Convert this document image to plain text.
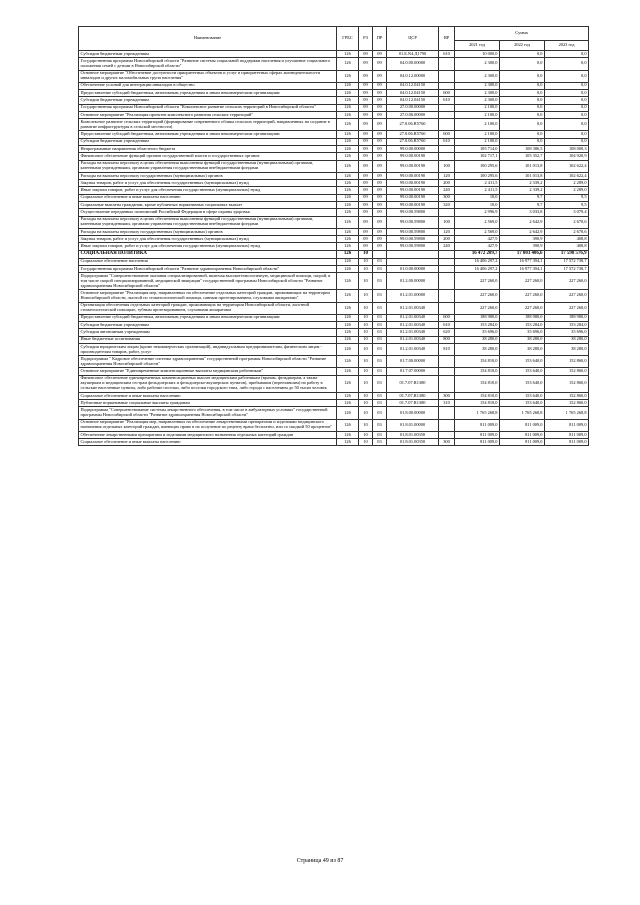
Наименование	ГРБС	РЗ	ПР	ЦСР	ВР	Сумма		
						2021 год	2022 год	2023 год
Субсидии бюджетным учреждениям	126	09	09	01.Б.N4.Д1790	610	10 000,0	0,0	0,0
Государственная программа Новосибирской области "Развитие системы социальной поддержки населения и улучшение социального положения семей с детьми в Новосибирской области"	126	09	09	04.0.00.00000		2 300,0	0,0	0,0
Основное мероприятие "Обеспечение доступности приоритетных объектов и услуг в приоритетных сферах жизнедеятельности инвалидов и других маломобильных групп населения"	126	09	09	04.0.12.00000		2 300,0	0,0	0,0
Обеспечение условий для интеграции инвалидов в общество	126	09	09	04.0.12.04150		2 300,0	0,0	0,0
Предоставление субсидий бюджетным, автономным учреждениям и иным некоммерческим организациям	126	09	09	04.0.12.04150	600	2 300,0	0,0	0,0
Субсидии бюджетным учреждениям	126	09	09	04.0.12.04150	610	2 300,0	0,0	0,0
Государственная программа Новосибирской области "Комплексное развитие сельских территорий в Новосибирской области"	126	09	09	27.0.00.00000		2 100,0	0,0	0,0
Основное мероприятие "Реализация проектов комплексного развития сельских территорий"	126	09	09	27.0.06.00000		2 100,0	0,0	0,0
Комплексное развитие сельских территорий (формирование современного облика сельских территорий, направленных на создание в развитие инфраструктуры в сельской местности)	126	09	09	27.0.06.R5760		2 100,0	0,0	0,0
Предоставление субсидий бюджетным, автономным учреждениям и иным некоммерческим организациям	126	09	09	27.0.06.R5760	600	2 100,0	0,0	0,0
Субсидии бюджетным учреждениям	126	09	09	27.0.06.R5760	610	2 100,0	0,0	0,0
Непрограммные направления областного бюджета	126	09	09	99.0.00.00000		105 714,0	108 386,5	108 000,3
Финансовое обеспечение функций органов государственной власти и государственных органов	126	09	09	99.0.00.00190		102 717,1	105 352,7	104 920,9
Расходы на выплаты персоналу в целях обеспечения выполнения функций государственными (муниципальными) органами, казенными учреждениями, органами управления государственными внебюджетными фондами	126	09	09	99.0.00.00190	100	100 295,6	101 013,8	102 622,4
Расходы на выплаты персоналу государственных (муниципальных) органов	126	09	09	99.0.00.00190	120	100 295,6	101 013,8	102 622,4
Закупка товаров, работ и услуг для обеспечения государственных (муниципальных) нужд	126	09	09	99.0.00.00190	200	2 411,5	2 339,2	2 289,0
Иные закупки товаров, работ и услуг для обеспечения государственных (муниципальных) нужд	126	09	09	99.0.00.00190	240	2 411,5	2 339,2	2 289,0
Социальное обеспечение и иные выплаты населению	126	09	09	99.0.00.00190	300	10,0	9,7	9,5
Социальные выплаты гражданам, кроме публичных нормативных социальных выплат	126	09	09	99.0.00.00190	320	10,0	9,7	9,5
Осуществление переданных полномочий Российской Федерации в сфере охраны здоровья	126	09	09	99.0.00.59800		2 996,9	3 033,8	3 079,4
Расходы на выплаты персоналу в целях обеспечения выполнения функций государственными (муниципальными) органами, казенными учреждениями, органами управления государственными внебюджетными фондами	126	09	09	99.0.00.59800	100	2 569,0	2 642,9	2 670,6
Расходы на выплаты персоналу государственных (муниципальных) органов	126	09	09	99.0.00.59800	120	2 569,0	2 642,9	2 670,6
Закупка товаров, работ и услуг для обеспечения государственных (муниципальных) нужд	126	09	09	99.0.00.59800	200	427,9	390,9	408,8
Иные закупки товаров, работ и услуг для обеспечения государственных (муниципальных) нужд	126	09	09	99.0.00.59800	240	427,9	390,9	408,8
СОЦИАЛЬНАЯ ПОЛИТИКА	126	10				16 472 209,7	17 003 406,6	17 598 576,9
Социальное обеспечение населения	126	10	03			16 406 297,2	16 977 394,1	17 572 738,7
Государственная программа Новосибирской области "Развитие здравоохранения Новосибирской области"	126	10	03	01.0.00.00000		16 406 297,2	16 977 394,1	17 572 738,7
Подпрограмма "Совершенствование оказания специализированной, включая высокотехнологичную, медицинской помощи, скорой, в том числе скорой специализированной, медицинской эвакуации" государственной программы Новосибирской области "Развитие здравоохранения Новосибирской области"	126	10	03	01.2.00.00000		227 260,0	227 260,0	227 260,0
Основное мероприятие "Реализация мер, направленных на обеспечение отдельных категорий граждан, проживающих на территории Новосибирской области, льготой по стоматологической помощи, санным протезированием, слуховыми аппаратами"	126	10	03	01.2.01.00000		227 260,0	227 260,0	227 260,0
Организация обеспечения отдельных категорий граждан, проживающих на территории Новосибирской области, льготной стоматологической помощью, зубным протезированием, слуховыми аппаратами	126	10	03	01.2.01.00340		227 260,0	227 260,0	227 260,0
Предоставление субсидий бюджетным, автономным учреждениям и иным некоммерческим организациям	126	10	03	01.2.01.00340	600	188 980,0	188 980,0	188 980,0
Субсидии бюджетным учреждениям	126	10	03	01.2.01.00340	610	153 284,0	153 284,0	153 284,0
Субсидии автономным учреждениям	126	10	03	01.2.01.00340	620	35 696,0	35 696,0	35 696,0
Иные бюджетные ассигнования	126	10	03	01.2.01.00340	800	38 280,0	38 280,0	38 280,0
Субсидии юридическим лицам (кроме некоммерческих организаций), индивидуальным предпринимателям, физическим лицам - производителям товаров, работ, услуг	126	10	03	01.2.01.00340	810	38 280,0	38 280,0	38 280,0
Подпрограмма " Кадровое обеспечение системы здравоохранения" государственной программы Новосибирской области "Развитие здравоохранения Новосибирской области"	126	10	03	01.7.00.00000		154 810,0	153 640,0	152 860,0
Основное мероприятие "Единовременные компенсационные выплаты медицинским работникам"	126	10	03	01.7.07.00000		154 810,0	153 640,0	152 860,0
Финансовое обеспечение единовременных компенсационных выплат медицинским работникам (врачам, фельдшерам, а также акушеркам и медицинским сестрам фельдшерских и фельдшерско-акушерских пунктов), прибывшим (переехавшим) на работу в сельские населенные пункты, либо рабочие поселки, либо поселки городского типа, либо города с населением до 50 тысяч человек	126	10	03	01.7.07.R1380		154 810,0	153 640,0	152 860,0
Социальное обеспечение и иные выплаты населению	126	10	03	01.7.07.R1380	300	154 810,0	153 640,0	152 860,0
Публичные нормативные социальные выплаты гражданам	126	10	03	01.7.07.R1380	310	154 810,0	153 640,0	152 860,0
Подпрограмма "Совершенствование системы лекарственного обеспечения, в том числе в амбулаторных условиях" государственной программы Новосибирской области "Развитие здравоохранения Новосибирской области"	126	10	03	01.8.00.00000		1 765 268,8	1 765 268,8	1 765 268,8
Основное мероприятие "Реализация мер, направленных на обеспечение лекарственными препаратами и изделиями медицинского назначения отдельных категорий граждан, имеющих право в их получение по рецепту врача бесплатно, или со скидкой 50 процентов"	126	10	03	01.8.01.00000		811 009,0	811 009,0	811 009,0
Обеспечение лекарственными препаратами и изделиями медицинского назначения отдельных категорий граждан	126	10	03	01.8.01.00350		811 009,0	811 009,0	811 009,0
Социальное обеспечение и иные выплаты населению	126	10	03	01.8.01.00350	300	811 009,0	811 009,0	811 009,0
Страница 49 из 87
